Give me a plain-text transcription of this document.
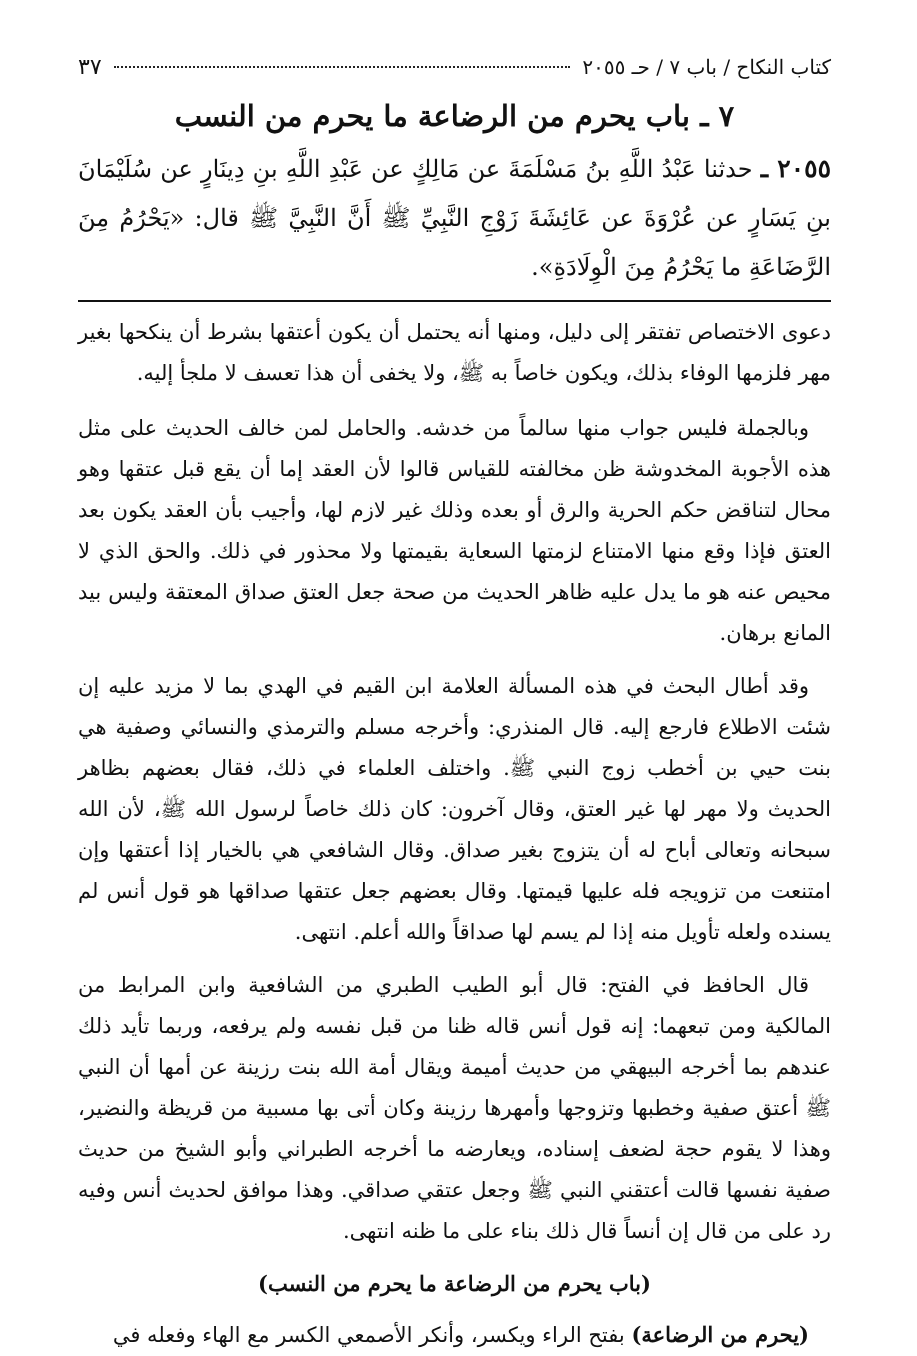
كتاب النكاح / باب ٧ / حـ ٢٠٥٥
٣٧
٧ ـ باب يحرم من الرضاعة ما يحرم من النسب
٢٠٥٥ ـ حدثنا عَبْدُ اللَّهِ بنُ مَسْلَمَةَ عن مَالِكٍ عن عَبْدِ اللَّهِ بنِ دِينَارٍ عن سُلَيْمَانَ بنِ يَسَارٍ عن عُرْوَةَ عن عَائِشَةَ زَوْجِ النَّبِيِّ ﷺ أَنَّ النَّبِيَّ ﷺ قال: «يَحْرُمُ مِنَ الرَّضَاعَةِ ما يَحْرُمُ مِنَ الْوِلَادَةِ».

دعوى الاختصاص تفتقر إلى دليل، ومنها أنه يحتمل أن يكون أعتقها بشرط أن ينكحها بغير مهر فلزمها الوفاء بذلك، ويكون خاصاً به ﷺ، ولا يخفى أن هذا تعسف لا ملجأ إليه.

وبالجملة فليس جواب منها سالماً من خدشه. والحامل لمن خالف الحديث على مثل هذه الأجوبة المخدوشة ظن مخالفته للقياس قالوا لأن العقد إما أن يقع قبل عتقها وهو محال لتناقض حكم الحرية والرق أو بعده وذلك غير لازم لها، وأجيب بأن العقد يكون بعد العتق فإذا وقع منها الامتناع لزمتها السعاية بقيمتها ولا محذور في ذلك. والحق الذي لا محيص عنه هو ما يدل عليه ظاهر الحديث من صحة جعل العتق صداق المعتقة وليس بيد المانع برهان.

وقد أطال البحث في هذه المسألة العلامة ابن القيم في الهدي بما لا مزيد عليه إن شئت الاطلاع فارجع إليه. قال المنذري: وأخرجه مسلم والترمذي والنسائي وصفية هي بنت حيي بن أخطب زوج النبي ﷺ. واختلف العلماء في ذلك، فقال بعضهم بظاهر الحديث ولا مهر لها غير العتق، وقال آخرون: كان ذلك خاصاً لرسول الله ﷺ، لأن الله سبحانه وتعالى أباح له أن يتزوج بغير صداق. وقال الشافعي هي بالخيار إذا أعتقها وإن امتنعت من تزويجه فله عليها قيمتها. وقال بعضهم جعل عتقها صداقها هو قول أنس لم يسنده ولعله تأويل منه إذا لم يسم لها صداقاً والله أعلم. انتهى.

قال الحافظ في الفتح: قال أبو الطيب الطبري من الشافعية وابن المرابط من المالكية ومن تبعهما: إنه قول أنس قاله ظنا من قبل نفسه ولم يرفعه، وربما تأيد ذلك عندهم بما أخرجه البيهقي من حديث أميمة ويقال أمة الله بنت رزينة عن أمها أن النبي ﷺ أعتق صفية وخطبها وتزوجها وأمهرها رزينة وكان أتى بها مسبية من قريظة والنضير، وهذا لا يقوم حجة لضعف إسناده، ويعارضه ما أخرجه الطبراني وأبو الشيخ من حديث صفية نفسها قالت أعتقني النبي ﷺ وجعل عتقي صداقي. وهذا موافق لحديث أنس وفيه رد على من قال إن أنساً قال ذلك بناء على ما ظنه انتهى.

(باب يحرم من الرضاعة ما يحرم من النسب)

(يحرم من الرضاعة) بفتح الراء ويكسر، وأنكر الأصمعي الكسر مع الهاء وفعله في
